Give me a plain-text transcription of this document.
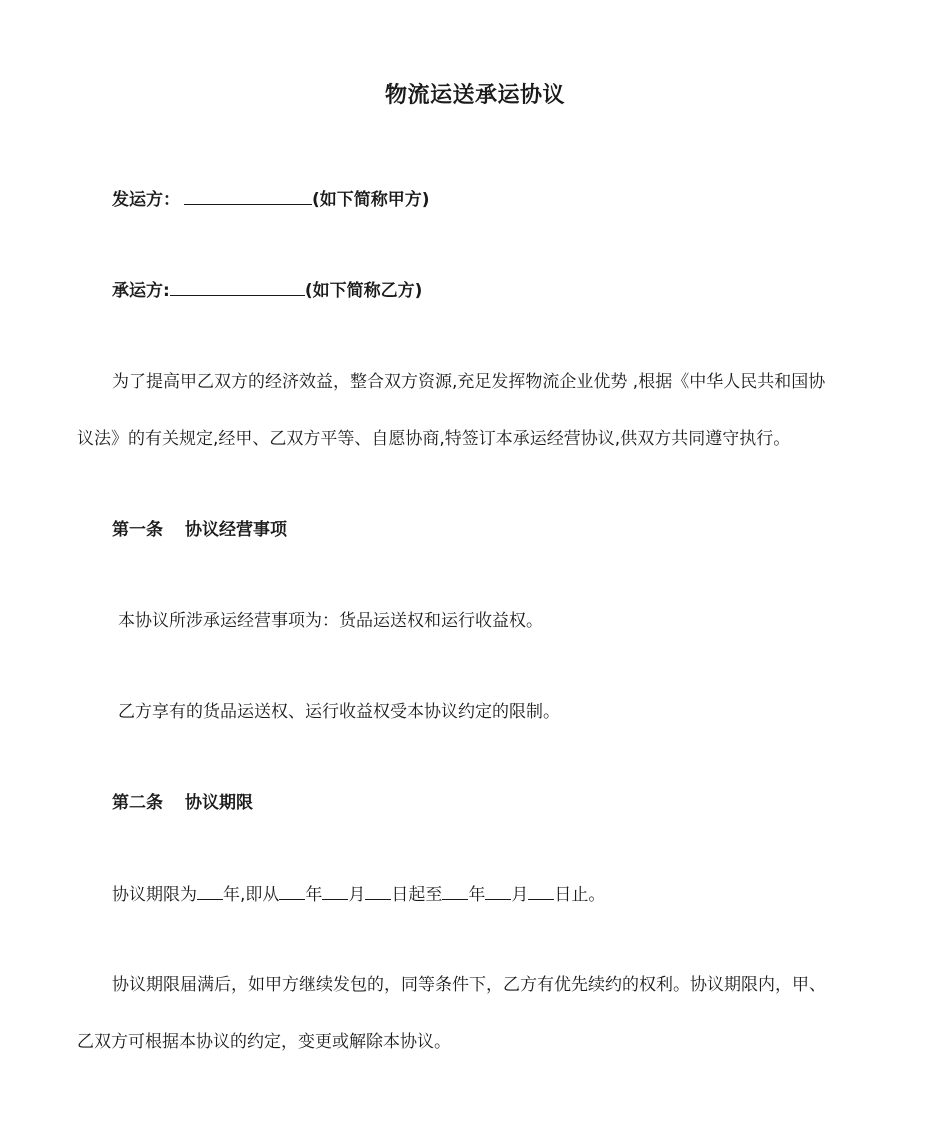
物流运送承运协议
发运方：	(如下简称甲方)
承运方:	(如下简称乙方)
为了提高甲乙双方的经济效益，整合双方资源,充足发挥物流企业优势 ,根据《中华人民共和国协
议法》的有关规定,经甲、乙双方平等、自愿协商,特签订本承运经营协议,供双方共同遵守执行。
第一条 协议经营事项
本协议所涉承运经营事项为：货品运送权和运行收益权。
乙方享有的货品运送权、运行收益权受本协议约定的限制。
第二条 协议期限
协议期限为 年,即从 年 月 日起至 年 月 日止。
协议期限届满后，如甲方继续发包的，同等条件下，乙方有优先续约的权利。协议期限内，甲、
乙双方可根据本协议的约定，变更或解除本协议。
